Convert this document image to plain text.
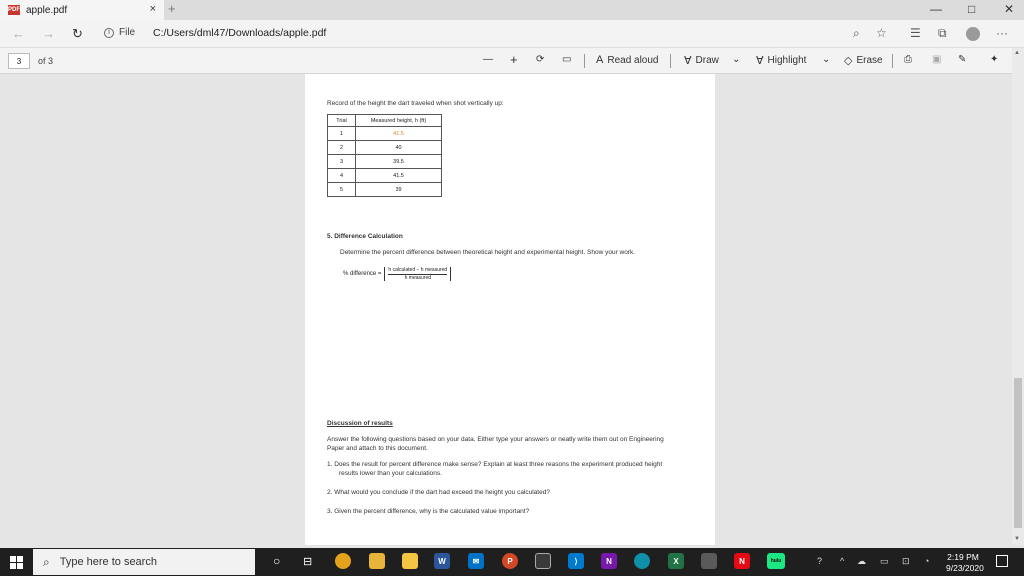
PDF apple.pdf	× +	— □ ✕
← → ↻	i File C:/Users/dml47/Downloads/apple.pdf	⌕ ☆ ☰ ⧉	···
3	of 3	— + ⟳ ▭ A Read aloud ∀ Draw ⌄ ∀ Highlight ⌄ ◇ Erase ⎙ ▣ ✎ ✦
Record of the height the dart traveled when shot vertically up:
Trial	Measured height, h (ft)
1	41.5
2	40
3	39.5
4	41.5
5	39
5. Difference Calculation
Determine the percent difference between theoretical height and experimental height. Show your work.
% difference =
h calculated − h measured
h measured
Discussion of results
Answer the following questions based on your data. Either type your answers or neatly write them out on Engineering
Paper and attach to this document.
1. Does the result for percent difference make sense? Explain at least three reasons the experiment produced height
results lower than your calculations.
2. What would you conclude if the dart had exceed the height you calculated?
3. Given the percent difference, why is the calculated value important?
▲
▼
⌕ Type here to search	○ ⊟	W	✉	P	⟩	N	X	N	hulu	? ^ ☁ ▭ ⊡ ◔ 2:19 PM
9/23/2020
